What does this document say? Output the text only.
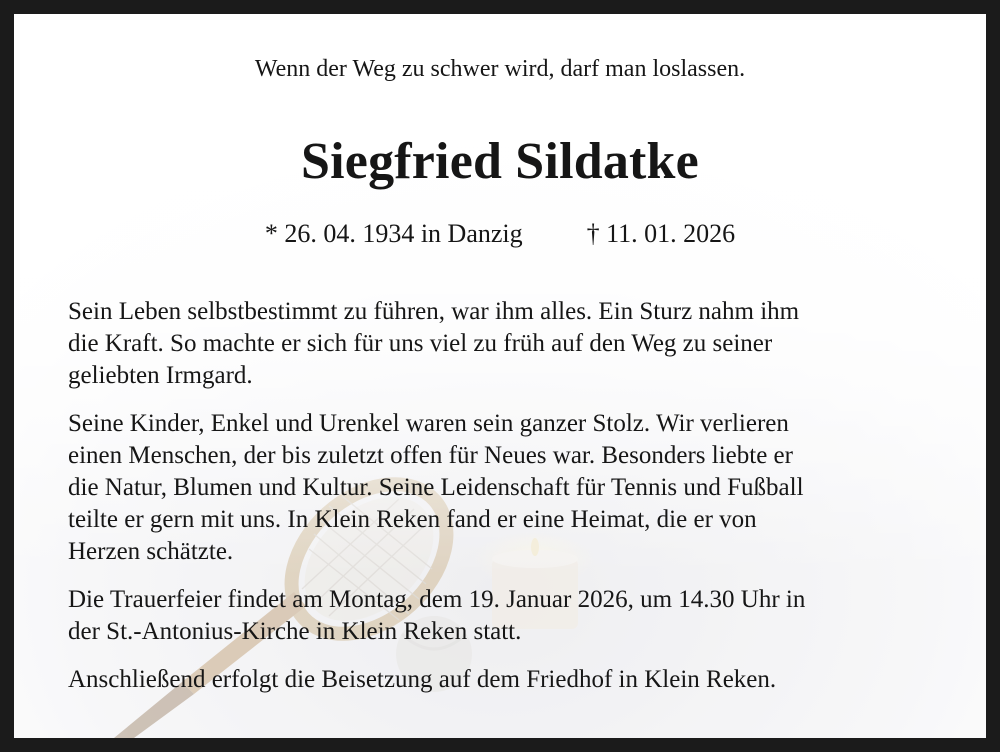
Wenn der Weg zu schwer wird, darf man loslassen.
Siegfried Sildatke
* 26. 04. 1934 in Danzig † 11. 01. 2026

Sein Leben selbstbestimmt zu führen, war ihm alles. Ein Sturz nahm ihm
die Kraft. So machte er sich für uns viel zu früh auf den Weg zu seiner
geliebten Irmgard.

Seine Kinder, Enkel und Urenkel waren sein ganzer Stolz. Wir verlieren
einen Menschen, der bis zuletzt offen für Neues war. Besonders liebte er
die Natur, Blumen und Kultur. Seine Leidenschaft für Tennis und Fußball
teilte er gern mit uns. In Klein Reken fand er eine Heimat, die er von
Herzen schätzte.

Die Trauerfeier findet am Montag, dem 19. Januar 2026, um 14.30 Uhr in
der St.-Antonius-Kirche in Klein Reken statt.

Anschließend erfolgt die Beisetzung auf dem Friedhof in Klein Reken.
